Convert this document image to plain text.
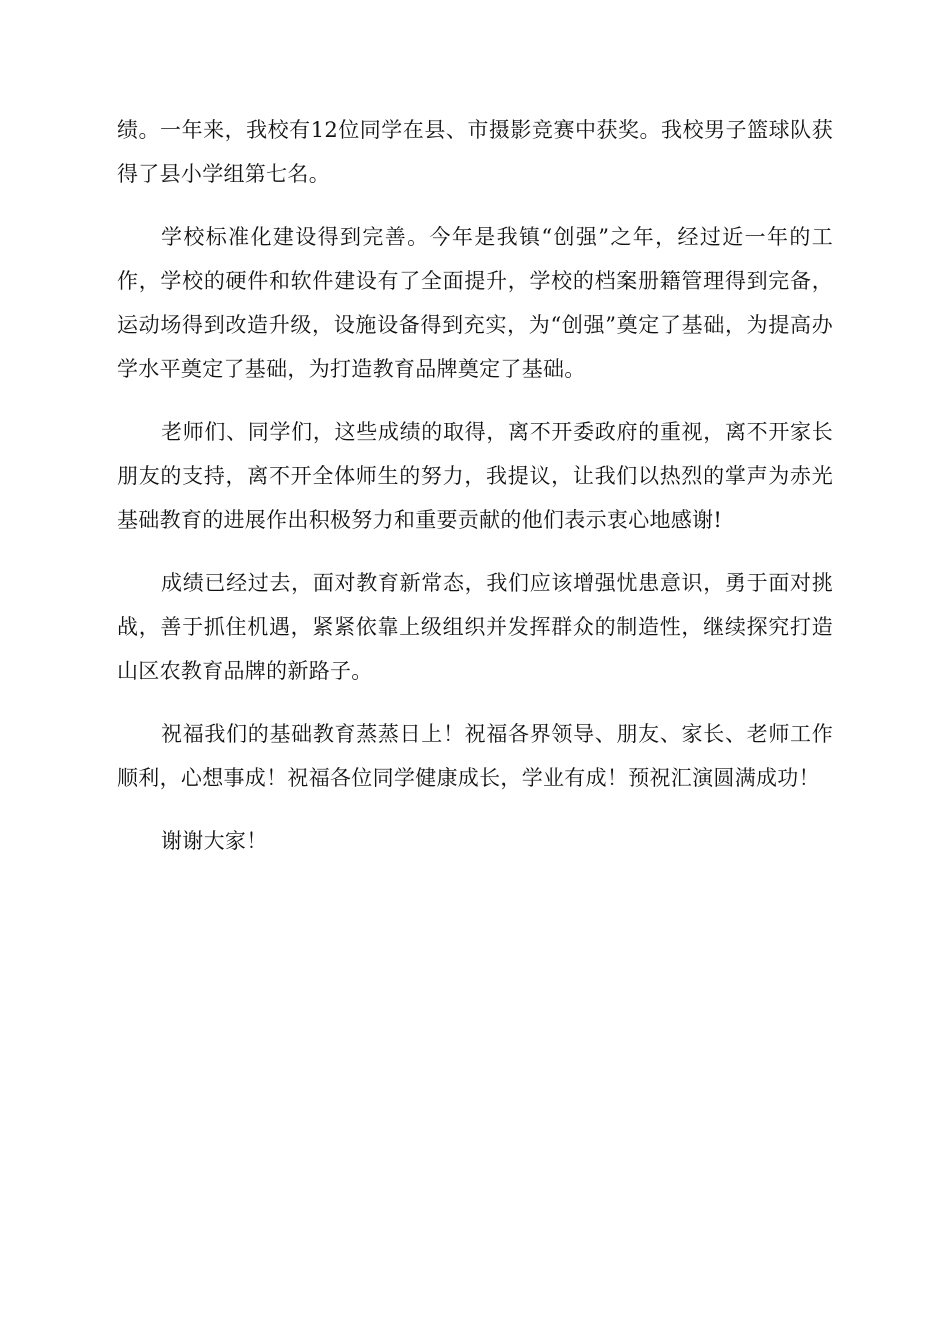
绩。一年来，我校有12位同学在县、市摄影竞赛中获奖。我校男子篮球队获得了县小学组第七名。

学校标准化建设得到完善。今年是我镇“创强”之年，经过近一年的工作，学校的硬件和软件建设有了全面提升，学校的档案册籍管理得到完备，运动场得到改造升级，设施设备得到充实，为“创强”奠定了基础，为提高办学水平奠定了基础，为打造教育品牌奠定了基础。

老师们、同学们，这些成绩的取得，离不开委政府的重视，离不开家长朋友的支持，离不开全体师生的努力，我提议，让我们以热烈的掌声为赤光基础教育的进展作出积极努力和重要贡献的他们表示衷心地感谢!

成绩已经过去，面对教育新常态，我们应该增强忧患意识，勇于面对挑战，善于抓住机遇，紧紧依靠上级组织并发挥群众的制造性，继续探究打造山区农教育品牌的新路子。

祝福我们的基础教育蒸蒸日上！祝福各界领导、朋友、家长、老师工作顺利，心想事成！祝福各位同学健康成长，学业有成！预祝汇演圆满成功！

谢谢大家！
